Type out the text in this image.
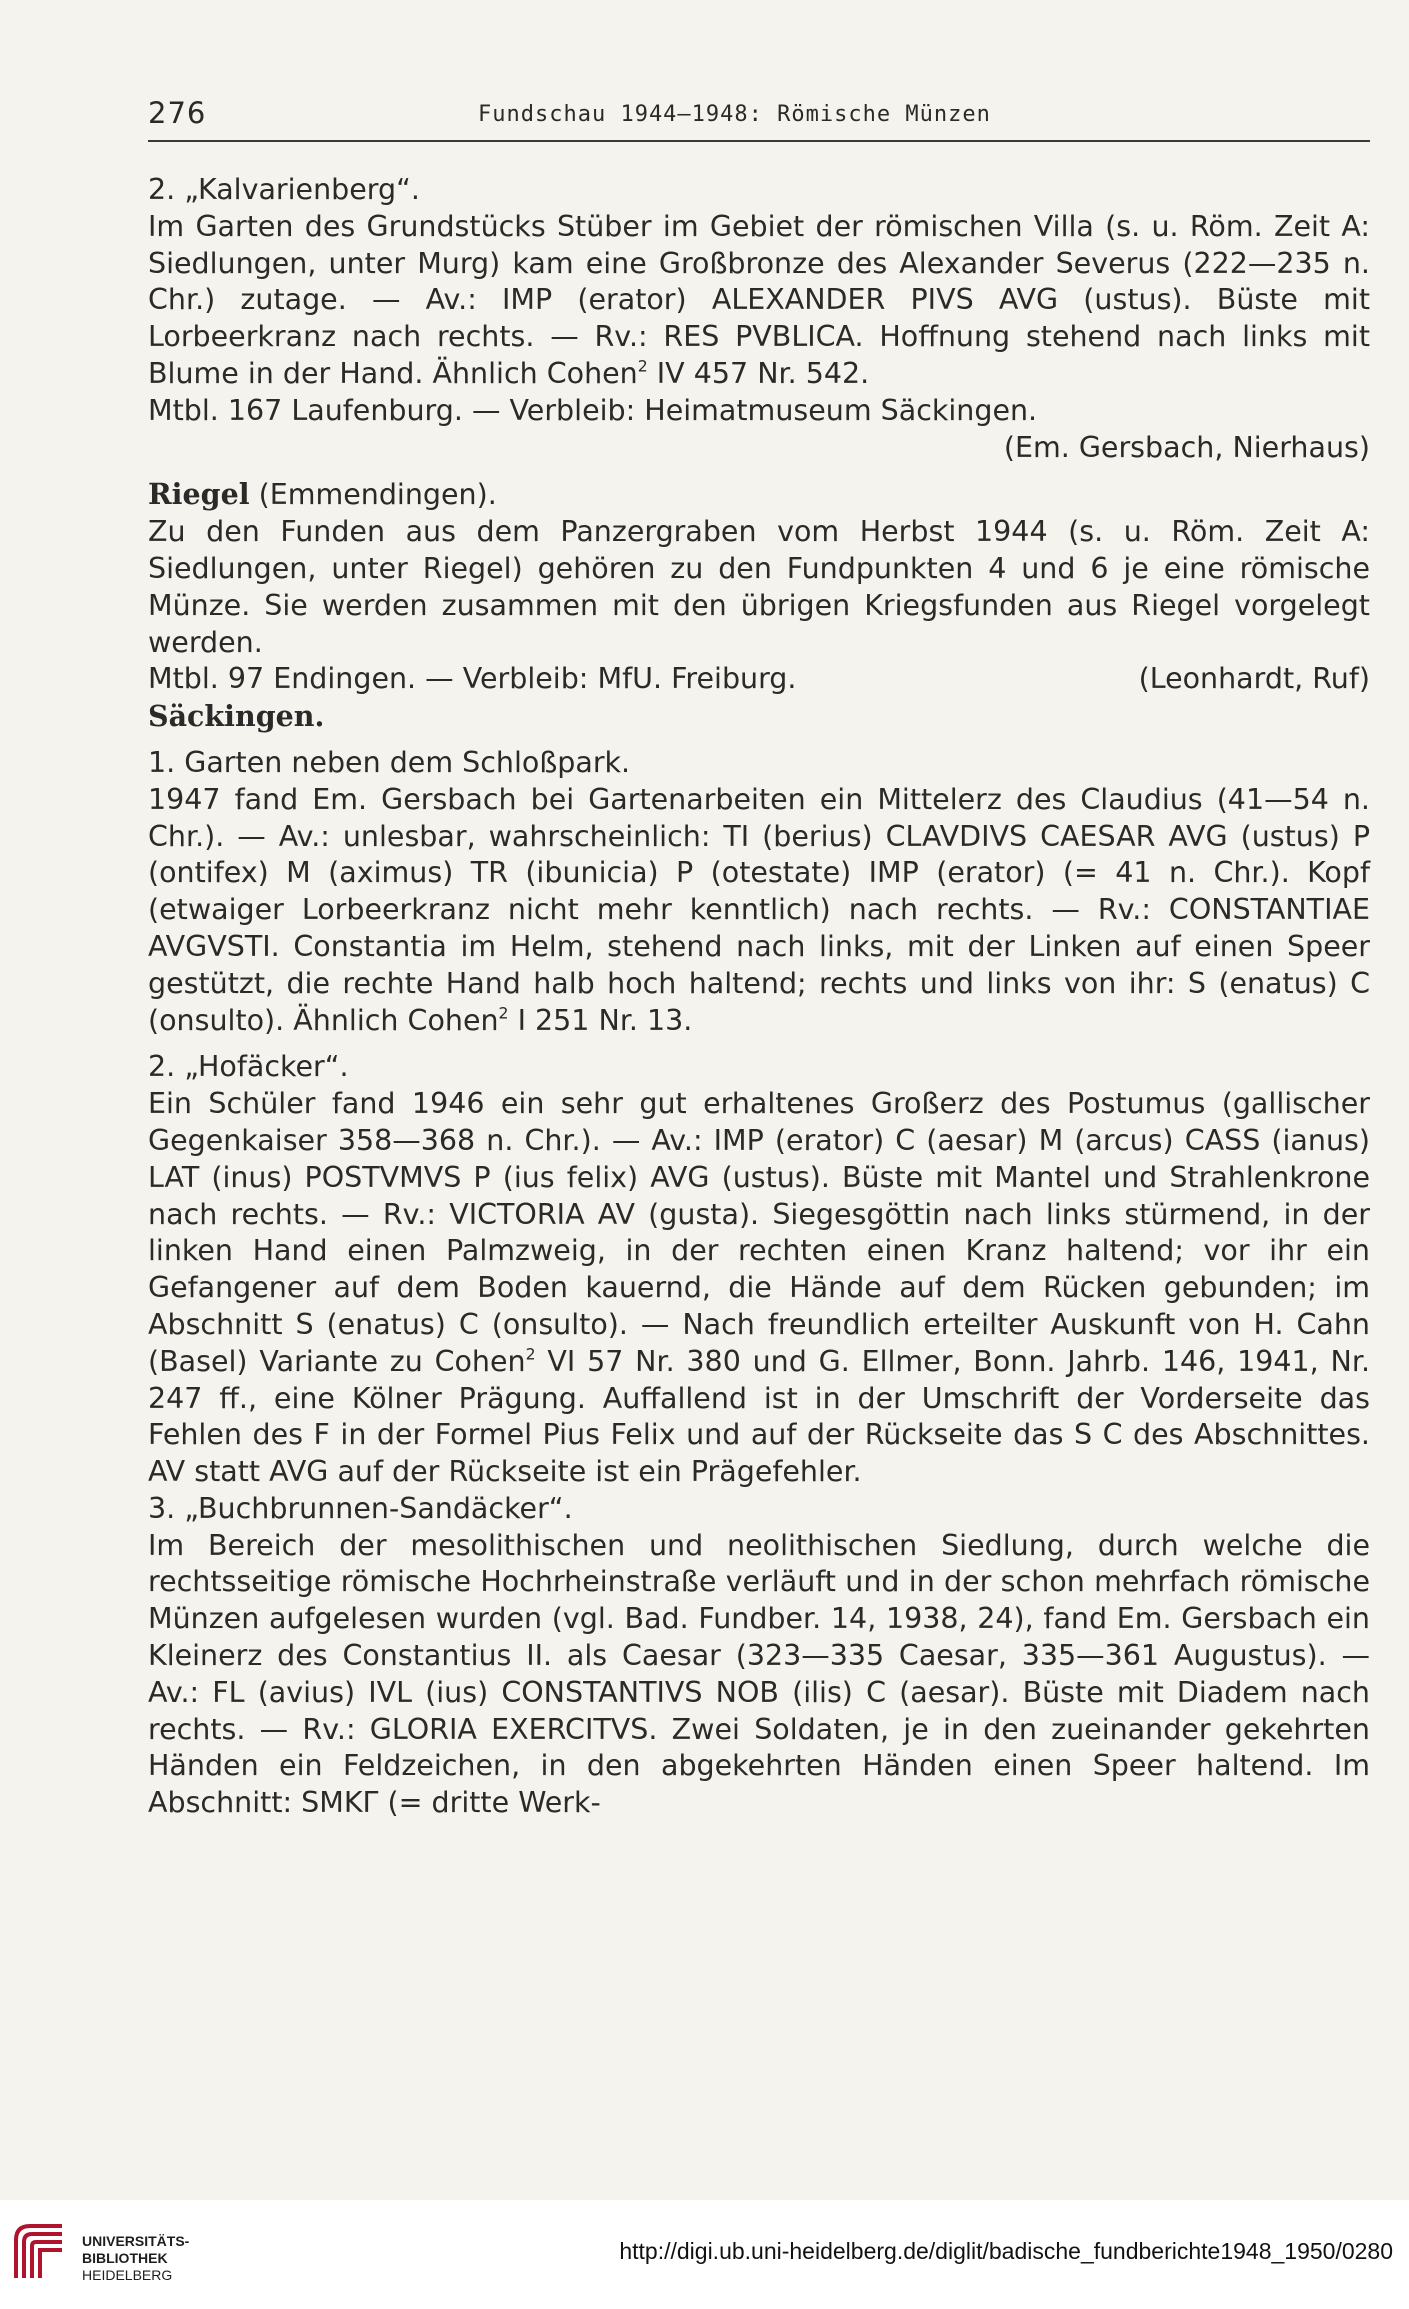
276	Fundschau 1944—1948: Römische Münzen
2. „Kalvarienberg“.
Im Garten des Grundstücks Stüber im Gebiet der römischen Villa (s. u. Röm. Zeit A: Siedlungen, unter Murg) kam eine Großbronze des Alexander Severus (222—235 n. Chr.) zutage. — Av.: IMP (erator) ALEXANDER PIVS AVG (ustus). Büste mit Lorbeerkranz nach rechts. — Rv.: RES PVBLICA. Hoffnung stehend nach links mit Blume in der Hand. Ähnlich Cohen$^2$ IV 457 Nr. 542.
Mtbl. 167 Laufenburg. — Verbleib: Heimatmuseum Säckingen.
(Em. Gersbach, Nierhaus)
Riegel (Emmendingen).
Zu den Funden aus dem Panzergraben vom Herbst 1944 (s. u. Röm. Zeit A: Siedlungen, unter Riegel) gehören zu den Fundpunkten 4 und 6 je eine römische Münze. Sie werden zusammen mit den übrigen Kriegsfunden aus Riegel vorgelegt werden.
Mtbl. 97 Endingen. — Verbleib: MfU. Freiburg.	(Leonhardt, Ruf)
Säckingen.
1. Garten neben dem Schloßpark.
1947 fand Em. Gersbach bei Gartenarbeiten ein Mittelerz des Claudius (41—54 n. Chr.). — Av.: unlesbar, wahrscheinlich: TI (berius) CLAVDIVS CAESAR AVG (ustus) P (ontifex) M (aximus) TR (ibunicia) P (otestate) IMP (erator) (= 41 n. Chr.). Kopf (etwaiger Lorbeerkranz nicht mehr kenntlich) nach rechts. — Rv.: CONSTANTIAE AVGVSTI. Constantia im Helm, stehend nach links, mit der Linken auf einen Speer gestützt, die rechte Hand halb hoch haltend; rechts und links von ihr: S (enatus) C (onsulto). Ähnlich Cohen$^2$ I 251 Nr. 13.
2. „Hofäcker“.
Ein Schüler fand 1946 ein sehr gut erhaltenes Großerz des Postumus (gallischer Gegenkaiser 358—368 n. Chr.). — Av.: IMP (erator) C (aesar) M (arcus) CASS (ianus) LAT (inus) POSTVMVS P (ius felix) AVG (ustus). Büste mit Mantel und Strahlenkrone nach rechts. — Rv.: VICTORIA AV (gusta). Siegesgöttin nach links stürmend, in der linken Hand einen Palmzweig, in der rechten einen Kranz haltend; vor ihr ein Gefangener auf dem Boden kauernd, die Hände auf dem Rücken gebunden; im Abschnitt S (enatus) C (onsulto). — Nach freundlich erteilter Auskunft von H. Cahn (Basel) Variante zu Cohen$^2$ VI 57 Nr. 380 und G. Ellmer, Bonn. Jahrb. 146, 1941, Nr. 247 ff., eine Kölner Prägung. Auffallend ist in der Umschrift der Vorderseite das Fehlen des F in der Formel Pius Felix und auf der Rückseite das S C des Abschnittes. AV statt AVG auf der Rückseite ist ein Prägefehler.
3. „Buchbrunnen-Sandäcker“.
Im Bereich der mesolithischen und neolithischen Siedlung, durch welche die rechtsseitige römische Hochrheinstraße verläuft und in der schon mehrfach römische Münzen aufgelesen wurden (vgl. Bad. Fundber. 14, 1938, 24), fand Em. Gersbach ein Kleinerz des Constantius II. als Caesar (323—335 Caesar, 335—361 Augustus). — Av.: FL (avius) IVL (ius) CONSTANTIVS NOB (ilis) C (aesar). Büste mit Diadem nach rechts. — Rv.: GLORIA EXERCITVS. Zwei Soldaten, je in den zueinander gekehrten Händen ein Feldzeichen, in den abgekehrten Händen einen Speer haltend. Im Abschnitt: SMKΓ (= dritte Werk-
UNIVERSITÄTS-
BIBLIOTHEK
HEIDELBERG
http://digi.ub.uni-heidelberg.de/diglit/badische_fundberichte1948_1950/0280
